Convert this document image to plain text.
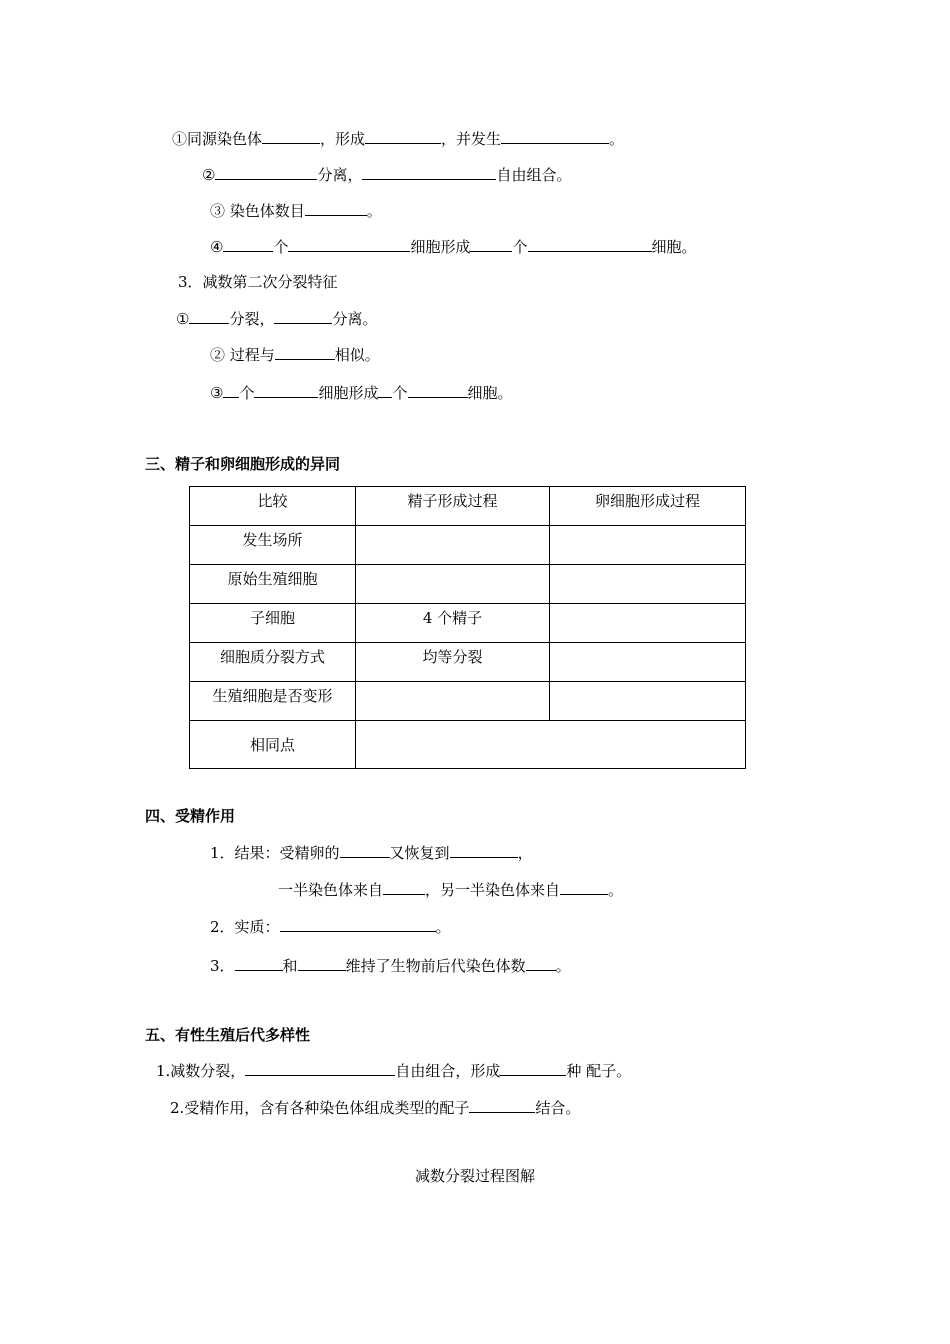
①同源染色体	，形成	，并发生	。
②	分离，	自由组合。
③ 染色体数目	。
④	个	细胞形成	个	细胞。
3．减数第二次分裂特征
①	分裂，	分离。
② 过程与	相似。
③ 个	细胞形成 个	细胞。
三、精子和卵细胞形成的异同
比较	精子形成过程	卵细胞形成过程
发生场所		
原始生殖细胞		
子细胞	4 个精子	
细胞质分裂方式	均等分裂	
生殖细胞是否变形		
相同点		
四、受精作用
1．结果：受精卵的	又恢复到	，
一半染色体来自	，另一半染色体来自	。
2．实质：	。
3．	和	维持了生物前后代染色体数 。
五、有性生殖后代多样性
1.减数分裂，	自由组合，形成	种 配子。
2.受精作用，含有各种染色体组成类型的配子	结合。
减数分裂过程图解
